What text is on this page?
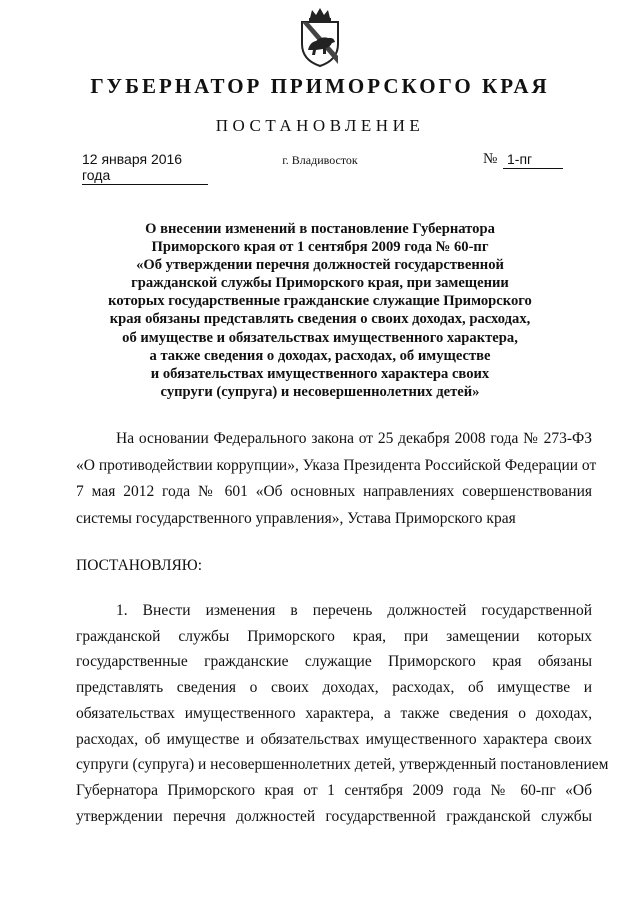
ГУБЕРНАТОР ПРИМОРСКОГО КРАЯ
ПОСТАНОВЛЕНИЕ
12 января 2016 года
г. Владивосток	№ 1-пг
О внесении изменений в постановление Губернатора
Приморского края от 1 сентября 2009 года № 60-пг
«Об утверждении перечня должностей государственной
гражданской службы Приморского края, при замещении
которых государственные гражданские служащие Приморского
края обязаны представлять сведения о своих доходах, расходах,
об имуществе и обязательствах имущественного характера,
а также сведения о доходах, расходах, об имуществе
и обязательствах имущественного характера своих
супруги (супруга) и несовершеннолетних детей»
На основании Федерального закона от 25 декабря 2008 года № 273-ФЗ
«О противодействии коррупции», Указа Президента Российской Федерации от
7 мая 2012 года № 601 «Об основных направлениях совершенствования
системы государственного управления», Устава Приморского края
ПОСТАНОВЛЯЮ:
1. Внести изменения в перечень должностей государственной
гражданской службы Приморского края, при замещении которых
государственные гражданские служащие Приморского края обязаны
представлять сведения о своих доходах, расходах, об имуществе и
обязательствах имущественного характера, а также сведения о доходах,
расходах, об имуществе и обязательствах имущественного характера своих
супруги (супруга) и несовершеннолетних детей, утвержденный постановлением
Губернатора Приморского края от 1 сентября 2009 года № 60-пг «Об
утверждении перечня должностей государственной гражданской службы
